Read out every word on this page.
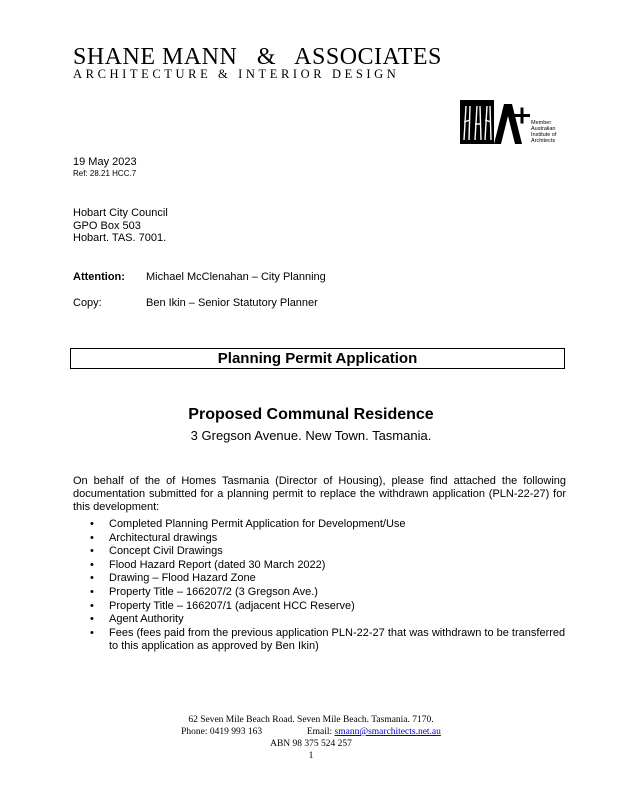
SHANE MANN   &   ASSOCIATES
ARCHITECTURE & INTERIOR DESIGN
Member
Australian
Institute of
Architects
19 May 2023
Ref: 28.21 HCC.7
Hobart City Council
GPO Box 503
Hobart. TAS. 7001.
Attention: Michael McClenahan – City Planning
Copy:	Ben Ikin – Senior Statutory Planner
Planning Permit Application
Proposed Communal Residence
3 Gregson Avenue. New Town. Tasmania.
On behalf of the of Homes Tasmania (Director of Housing), please find attached the following documentation submitted for a planning permit to replace the withdrawn application (PLN-22-27) for this development:
• Completed Planning Permit Application for Development/Use
• Architectural drawings
• Concept Civil Drawings
• Flood Hazard Report (dated 30 March 2022)
• Drawing – Flood Hazard Zone
• Property Title – 166207/2 (3 Gregson Ave.)
• Property Title – 166207/1 (adjacent HCC Reserve)
• Agent Authority
• Fees (fees paid from the previous application PLN-22-27 that was withdrawn to be transferred to this application as approved by Ben Ikin)
62 Seven Mile Beach Road. Seven Mile Beach. Tasmania. 7170.
Phone: 0419 993 163	Email: smann@smarchitects.net.au
ABN 98 375 524 257
1
